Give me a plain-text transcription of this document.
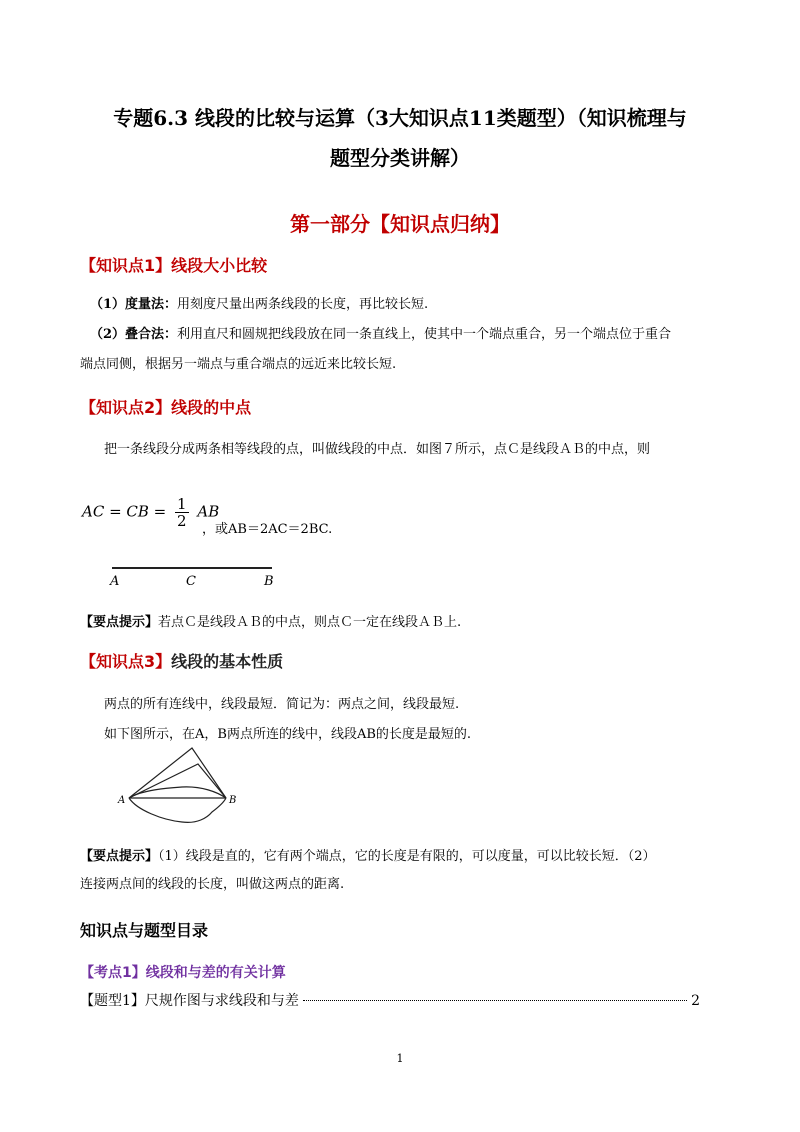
专题6.3 线段的比较与运算（3大知识点11类题型）（知识梳理与
题型分类讲解）
第一部分【知识点归纳】
【知识点1】线段大小比较
（1）度量法：用刻度尺量出两条线段的长度，再比较长短.
（2）叠合法：利用直尺和圆规把线段放在同一条直线上，使其中一个端点重合，另一个端点位于重合
端点同侧，根据另一端点与重合端点的远近来比较长短.
【知识点2】线段的中点
把一条线段分成两条相等线段的点，叫做线段的中点．如图７所示，点Ｃ是线段ＡＢ的中点，则
AC = CB = $\frac{1}{2}$ AB
，或AB＝2AC＝2BC.
A	C	B
【要点提示】若点Ｃ是线段ＡＢ的中点，则点Ｃ一定在线段ＡＢ上.
【知识点3】线段的基本性质
两点的所有连线中，线段最短．简记为：两点之间，线段最短.
如下图所示，在A，B两点所连的线中，线段AB的长度是最短的.
A	B
【要点提示】（1）线段是直的，它有两个端点，它的长度是有限的，可以度量，可以比较长短．（2）
连接两点间的线段的长度，叫做这两点的距离.
知识点与题型目录
【考点1】线段和与差的有关计算
【题型1】尺规作图与求线段和与差	2
1
